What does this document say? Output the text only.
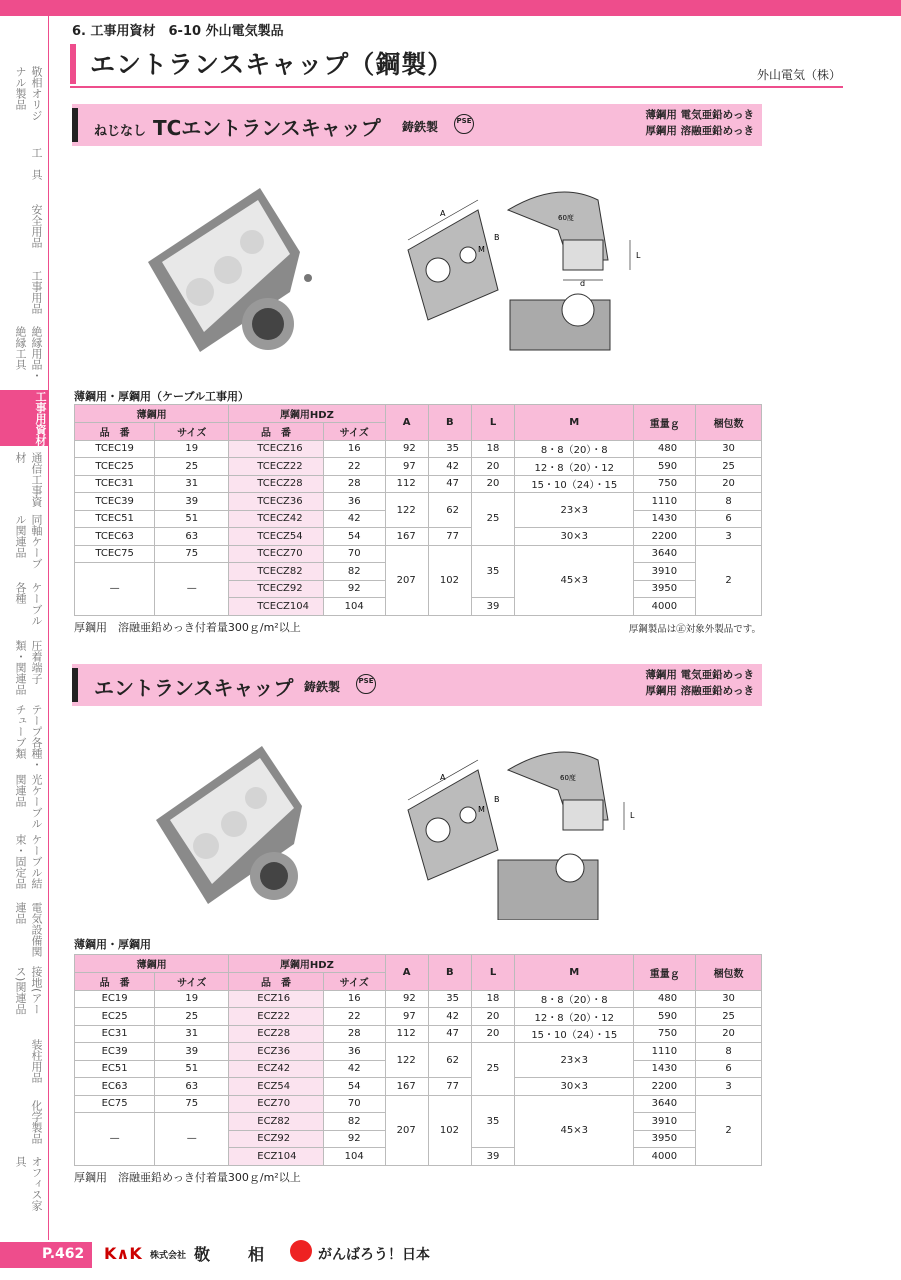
6. 工事用資材　6-10 外山電気製品
エントランスキャップ（鋼製）	外山電気（株）
敬相オリジナル製品
工　具
安全用品
工事用品
絶縁用品・絶縁工具
工事用資材
通信工事資材
同軸ケーブル関連品
ケーブル各種
圧着端子類・関連品
テープ各種・チューブ類
光ケーブル関連品
ケーブル結束・固定品
電気設備関連品
接地(アース)関連品
装柱用品
化学製品
オフィス家具
ねじなし TCエントランスキャップ 鋳鉄製	PSE	薄鋼用 電気亜鉛めっき
厚鋼用 溶融亜鉛めっき
A
B
M
L
d
60度
薄鋼用・厚鋼用（ケーブル工事用）
薄鋼用		厚鋼用HDZ		A	B	L	M	重量ｇ	梱包数
品　番	サイズ	品　番	サイズ						
TCEC19	19	TCECZ16	16	92	35	18	8・8（20）・8	480	30
TCEC25	25	TCECZ22	22	97	42	20	12・8（20）・12	590	25
TCEC31	31	TCECZ28	28	112	47	20	15・10（24）・15	750	20
TCEC39	39	TCECZ36	36	122	62	25	23×3	1110	8
TCEC51	51	TCECZ42	42					1430	6
TCEC63	63	TCECZ54	54	167	77		30×3	2200	3
TCEC75	75	TCECZ70	70	207	102	35	45×3	3640	2
—	—	TCECZ82	82					3910	
		TCECZ92	92					3950	
		TCECZ104	104			39		4000	
厚鋼用　溶融亜鉛めっき付着量300ｇ/m²以上	厚鋼製品は㊣対象外製品です。
エントランスキャップ 鋳鉄製	PSE	薄鋼用 電気亜鉛めっき
厚鋼用 溶融亜鉛めっき
A
B
M
L
60度
薄鋼用・厚鋼用
薄鋼用		厚鋼用HDZ		A	B	L	M	重量ｇ	梱包数
品　番	サイズ	品　番	サイズ						
EC19	19	ECZ16	16	92	35	18	8・8（20）・8	480	30
EC25	25	ECZ22	22	97	42	20	12・8（20）・12	590	25
EC31	31	ECZ28	28	112	47	20	15・10（24）・15	750	20
EC39	39	ECZ36	36	122	62	25	23×3	1110	8
EC51	51	ECZ42	42					1430	6
EC63	63	ECZ54	54	167	77		30×3	2200	3
EC75	75	ECZ70	70	207	102	35	45×3	3640	2
—	—	ECZ82	82					3910	
		ECZ92	92					3950	
		ECZ104	104			39		4000	
厚鋼用　溶融亜鉛めっき付着量300ｇ/m²以上
P.462	K∧K 株式会社 敬 相	がんばろう！日本
